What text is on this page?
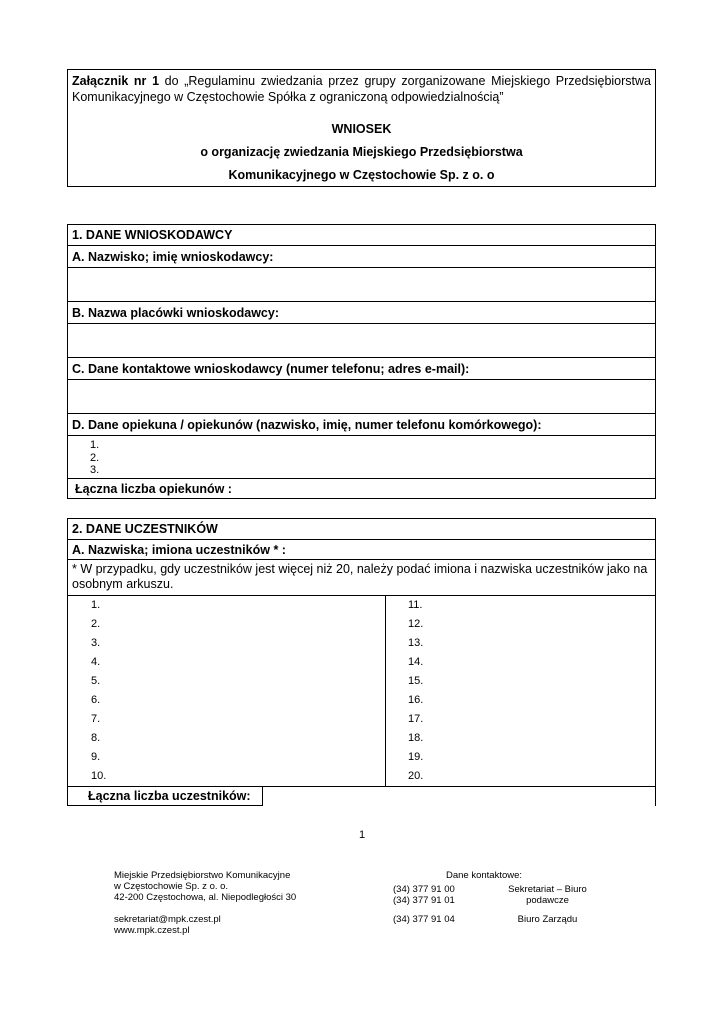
Załącznik nr 1 do „Regulaminu zwiedzania przez grupy zorganizowane Miejskiego Przedsiębiorstwa Komunikacyjnego w Częstochowie Spółka z ograniczoną odpowiedzialnością”
WNIOSEK
o organizację zwiedzania Miejskiego Przedsiębiorstwa
Komunikacyjnego w Częstochowie Sp. z o. o
1. DANE WNIOSKODAWCY
A. Nazwisko; imię wnioskodawcy:
B. Nazwa placówki wnioskodawcy:
C. Dane kontaktowe wnioskodawcy (numer telefonu; adres e-mail):
D. Dane opiekuna / opiekunów (nazwisko, imię, numer telefonu komórkowego):
1.
2.
3.
Łączna liczba opiekunów :
2. DANE UCZESTNIKÓW
A. Nazwiska; imiona uczestników * :
* W przypadku, gdy uczestników jest więcej niż 20, należy podać imiona i nazwiska uczestników jako na osobnym arkuszu.
1.
2.
3.
4.
5.
6.
7.
8.
9.
10.
11.
12.
13.
14.
15.
16.
17.
18.
19.
20.
Łączna liczba uczestników:
1
Miejskie Przedsiębiorstwo Komunikacyjne
w Częstochowie Sp. z o. o.
42-200 Częstochowa, al. Niepodległości 30
sekretariat@mpk.czest.pl
www.mpk.czest.pl
Dane kontaktowe:
(34) 377 91 00
(34) 377 91 01
(34) 377 91 04
Sekretariat – Biuro
podawcze
Biuro Zarządu
